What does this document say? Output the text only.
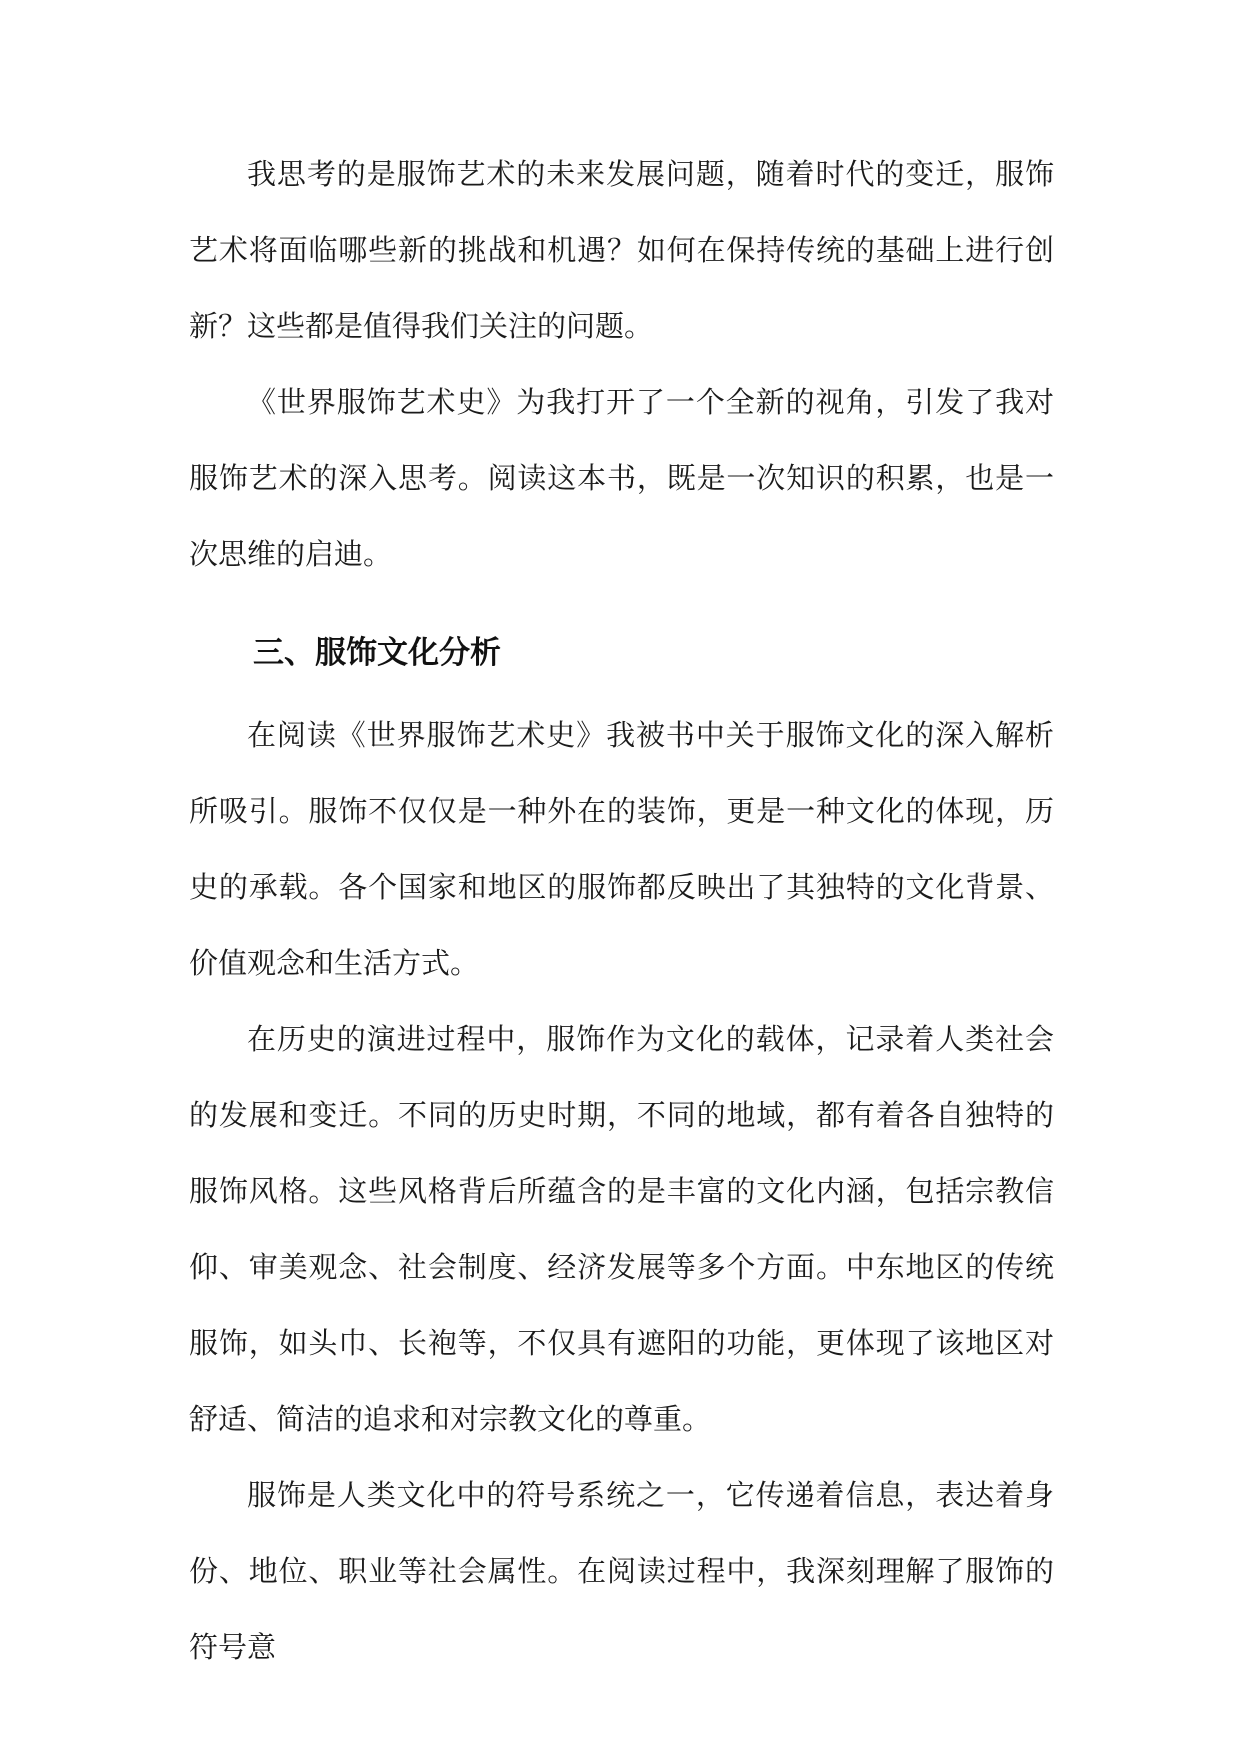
我思考的是服饰艺术的未来发展问题，随着时代的变迁，服饰艺术将面临哪些新的挑战和机遇？如何在保持传统的基础上进行创新？这些都是值得我们关注的问题。

《世界服饰艺术史》为我打开了一个全新的视角，引发了我对服饰艺术的深入思考。阅读这本书，既是一次知识的积累，也是一次思维的启迪。

三、服饰文化分析

在阅读《世界服饰艺术史》我被书中关于服饰文化的深入解析所吸引。服饰不仅仅是一种外在的装饰，更是一种文化的体现，历史的承载。各个国家和地区的服饰都反映出了其独特的文化背景、价值观念和生活方式。

在历史的演进过程中，服饰作为文化的载体，记录着人类社会的发展和变迁。不同的历史时期，不同的地域，都有着各自独特的服饰风格。这些风格背后所蕴含的是丰富的文化内涵，包括宗教信仰、审美观念、社会制度、经济发展等多个方面。中东地区的传统服饰，如头巾、长袍等，不仅具有遮阳的功能，更体现了该地区对舒适、简洁的追求和对宗教文化的尊重。

服饰是人类文化中的符号系统之一，它传递着信息，表达着身份、地位、职业等社会属性。在阅读过程中，我深刻理解了服饰的符号意
